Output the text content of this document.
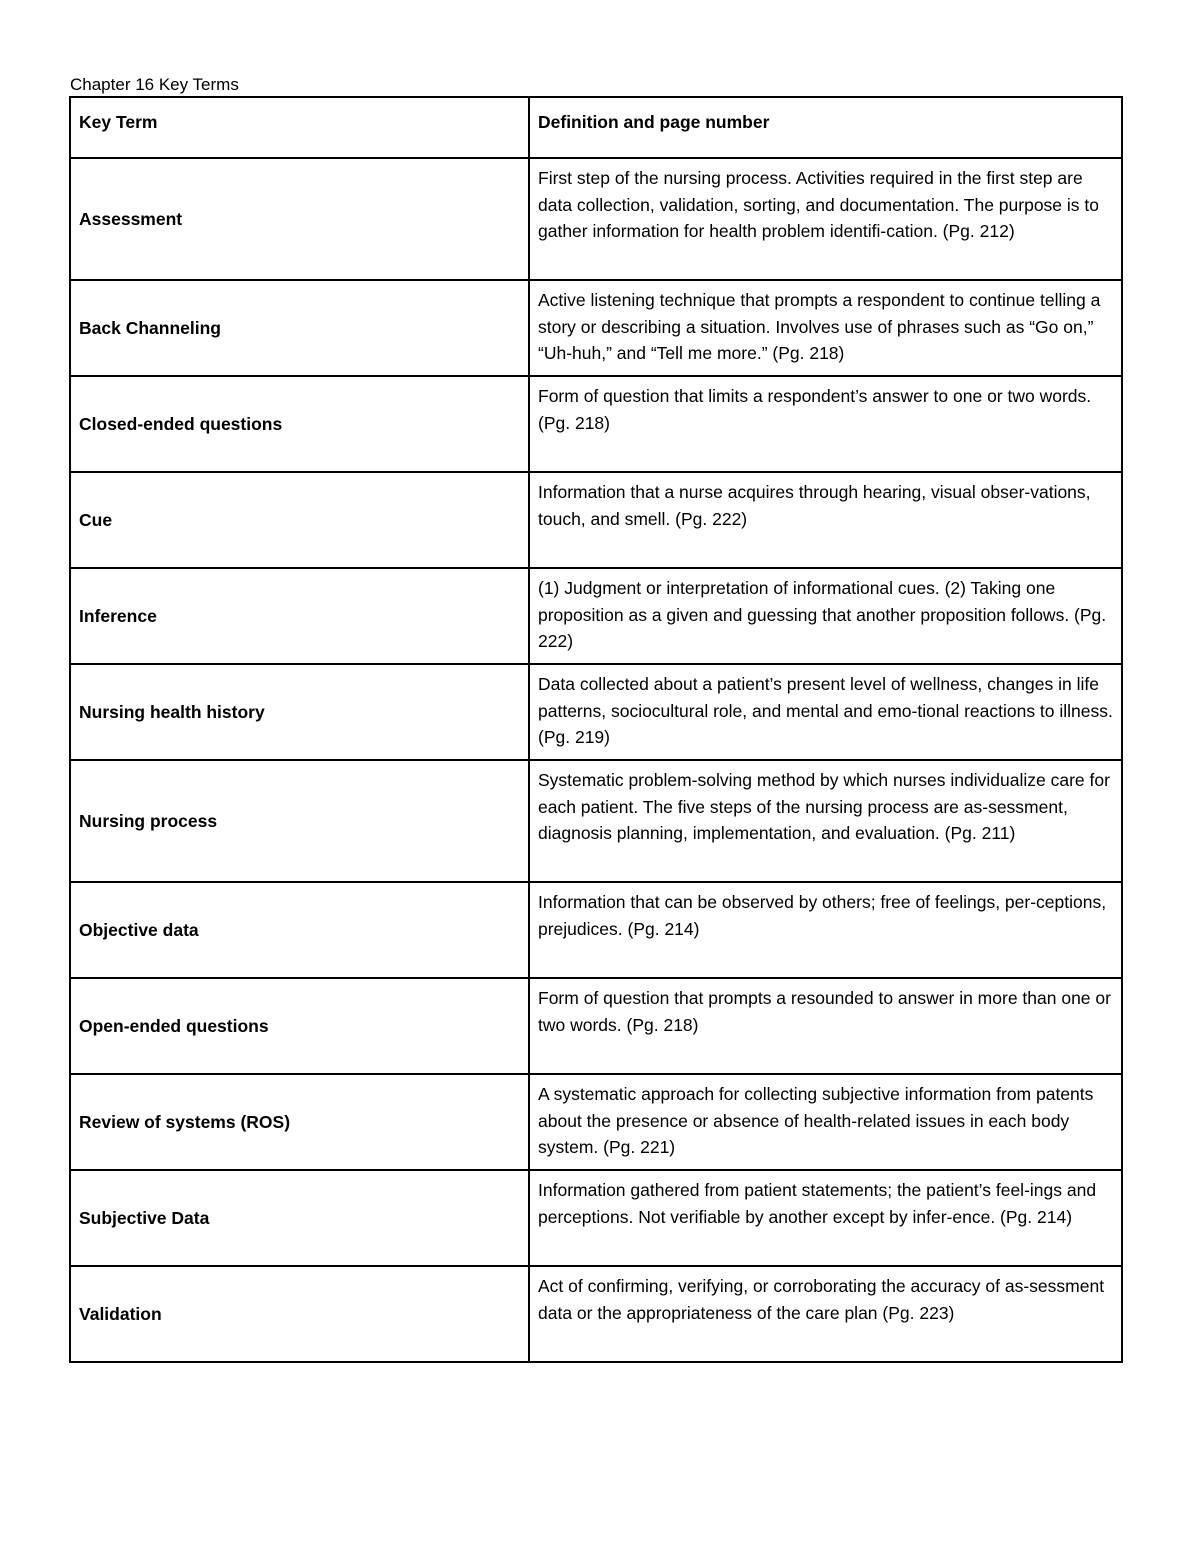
Chapter 16 Key Terms
Key Term	Definition and page number
Assessment	First step of the nursing process. Activities required in the first step are data collection, validation, sorting, and documentation. The purpose is to gather information for health problem identifi-cation. (Pg. 212)
Back Channeling	Active listening technique that prompts a respondent to continue telling a story or describing a situation. Involves use of phrases such as “Go on,” “Uh-huh,” and “Tell me more.” (Pg. 218)
Closed-ended questions	Form of question that limits a respondent’s answer to one or two words. (Pg. 218)
Cue	Information that a nurse acquires through hearing, visual obser-vations, touch, and smell. (Pg. 222)
Inference	(1) Judgment or interpretation of informational cues. (2) Taking one proposition as a given and guessing that another proposition follows. (Pg. 222)
Nursing health history	Data collected about a patient’s present level of wellness, changes in life patterns, sociocultural role, and mental and emo-tional reactions to illness. (Pg. 219)
Nursing process	Systematic problem-solving method by which nurses individualize care for each patient. The five steps of the nursing process are as-sessment, diagnosis planning, implementation, and evaluation. (Pg. 211)
Objective data	Information that can be observed by others; free of feelings, per-ceptions, prejudices. (Pg. 214)
Open-ended questions	Form of question that prompts a resounded to answer in more than one or two words. (Pg. 218)
Review of systems (ROS)	A systematic approach for collecting subjective information from patents about the presence or absence of health-related issues in each body system. (Pg. 221)
Subjective Data	Information gathered from patient statements; the patient’s feel-ings and perceptions. Not verifiable by another except by infer-ence. (Pg. 214)
Validation	Act of confirming, verifying, or corroborating the accuracy of as-sessment data or the appropriateness of the care plan (Pg. 223)
